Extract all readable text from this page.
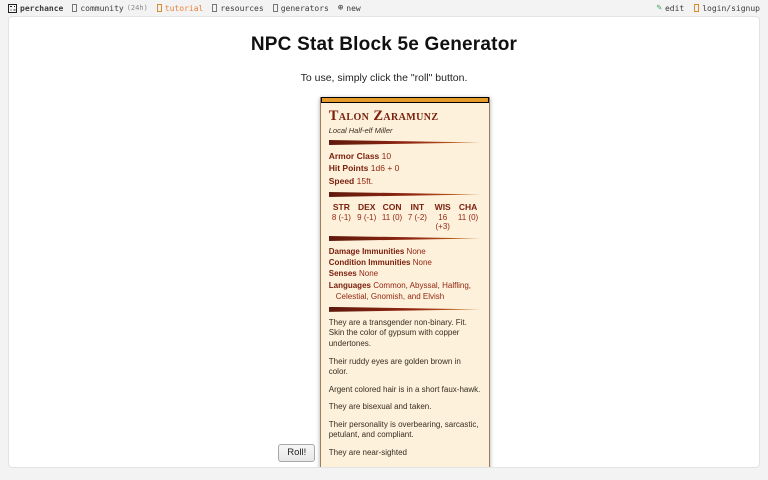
perchance community (24h) tutorial resources generators ⊕ new	✎ edit login/signup
NPC Stat Block 5e Generator
To use, simply click the "roll" button.
Roll!
Talon Zaramunz
Local Half-elf Miller
Armor Class 10
Hit Points 1d6 + 0
Speed 15ft.
STR
8 (-1)
DEX
9 (-1)
CON
11 (0)
INT
7 (-2)
WIS
16 (+3)
CHA
11 (0)
Damage Immunities None
Condition Immunities None
Senses None
Languages Common, Abyssal, Halfling, Celestial, Gnomish, and Elvish

They are a transgender non-binary. Fit. Skin the color of gypsum with copper undertones.

Their ruddy eyes are golden brown in color.

Argent colored hair is in a short faux-hawk.

They are bisexual and taken.

Their personality is overbearing, sarcastic, petulant, and compliant.

They are near-sighted
